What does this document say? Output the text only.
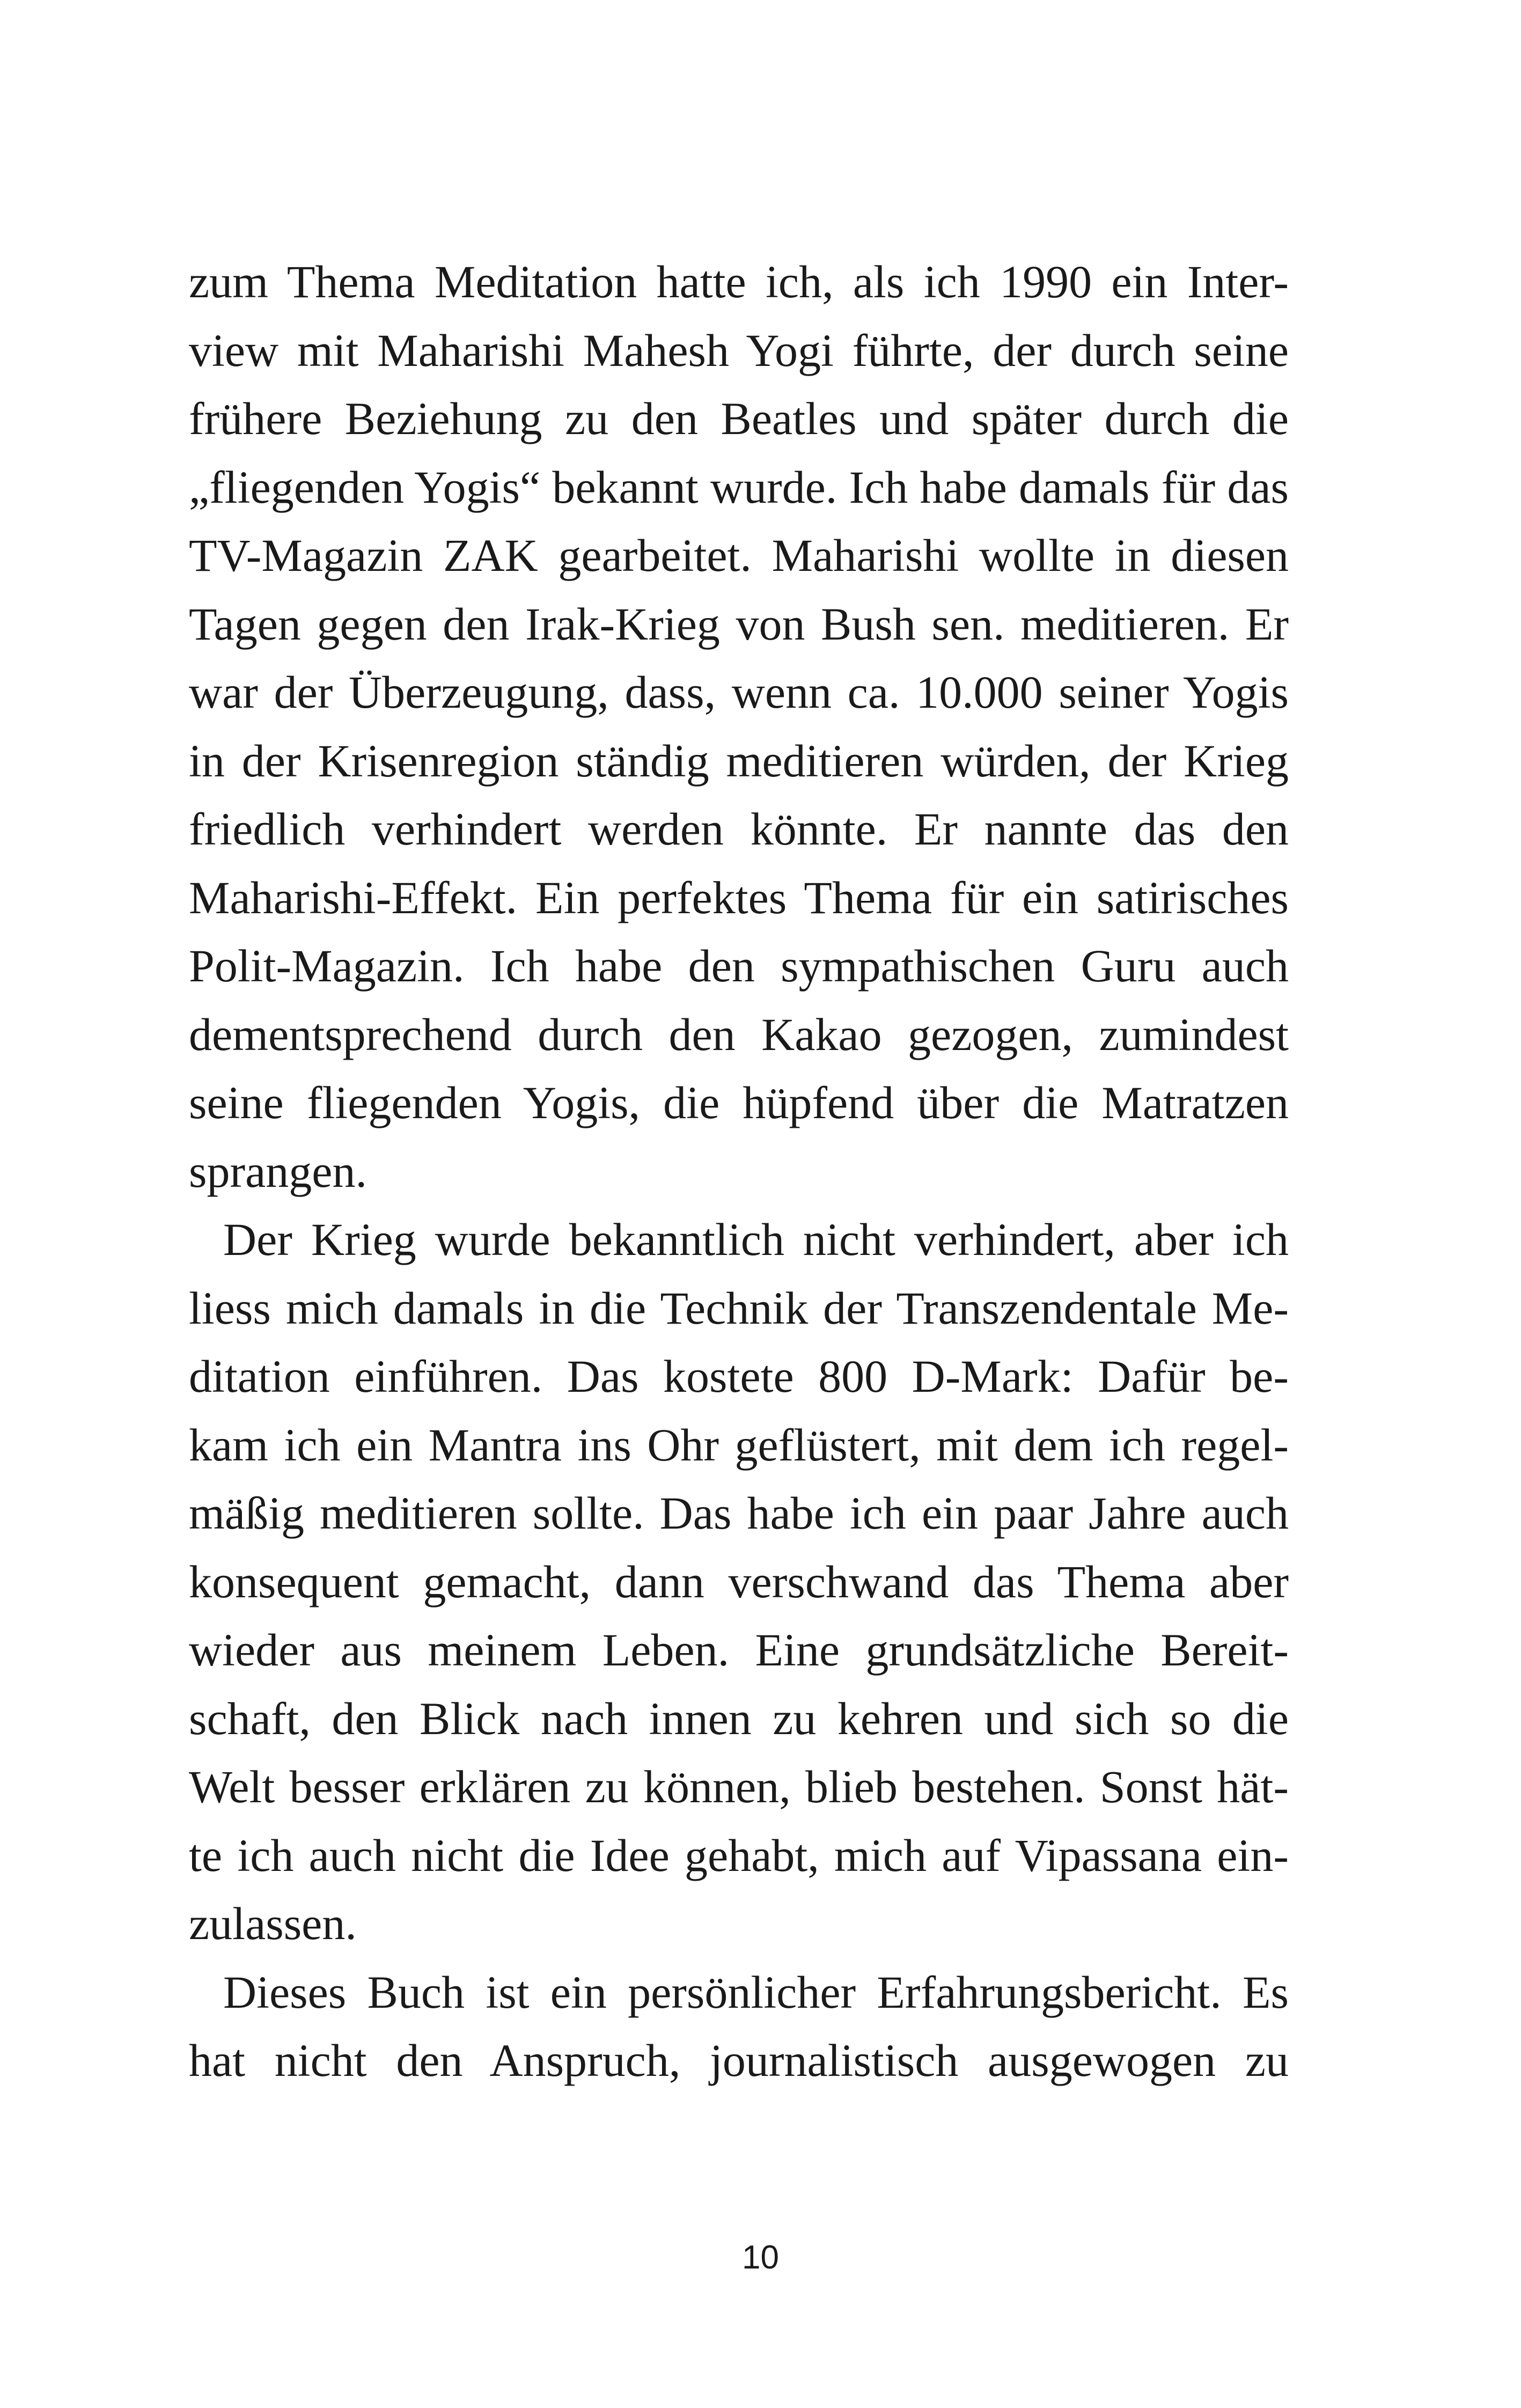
zum Thema Meditation hatte ich, als ich 1990 ein Inter-
view mit Maharishi Mahesh Yogi führte, der durch seine
frühere Beziehung zu den Beatles und später durch die
„fliegenden Yogis“ bekannt wurde. Ich habe damals für das
TV-Magazin ZAK gearbeitet. Maharishi wollte in diesen
Tagen gegen den Irak-Krieg von Bush sen. meditieren. Er
war der Überzeugung, dass, wenn ca. 10.000 seiner Yogis
in der Krisenregion ständig meditieren würden, der Krieg
friedlich verhindert werden könnte. Er nannte das den
Maharishi-Effekt. Ein perfektes Thema für ein satirisches
Polit-Magazin. Ich habe den sympathischen Guru auch
dementsprechend durch den Kakao gezogen, zumindest
seine fliegenden Yogis, die hüpfend über die Matratzen
sprangen.
Der Krieg wurde bekanntlich nicht verhindert, aber ich
liess mich damals in die Technik der Transzendentale Me-
ditation einführen. Das kostete 800 D-Mark: Dafür be-
kam ich ein Mantra ins Ohr geflüstert, mit dem ich regel-
mäßig meditieren sollte. Das habe ich ein paar Jahre auch
konsequent gemacht, dann verschwand das Thema aber
wieder aus meinem Leben. Eine grundsätzliche Bereit-
schaft, den Blick nach innen zu kehren und sich so die
Welt besser erklären zu können, blieb bestehen. Sonst hät-
te ich auch nicht die Idee gehabt, mich auf Vipassana ein-
zulassen.
Dieses Buch ist ein persönlicher Erfahrungsbericht. Es
hat nicht den Anspruch, journalistisch ausgewogen zu
10
